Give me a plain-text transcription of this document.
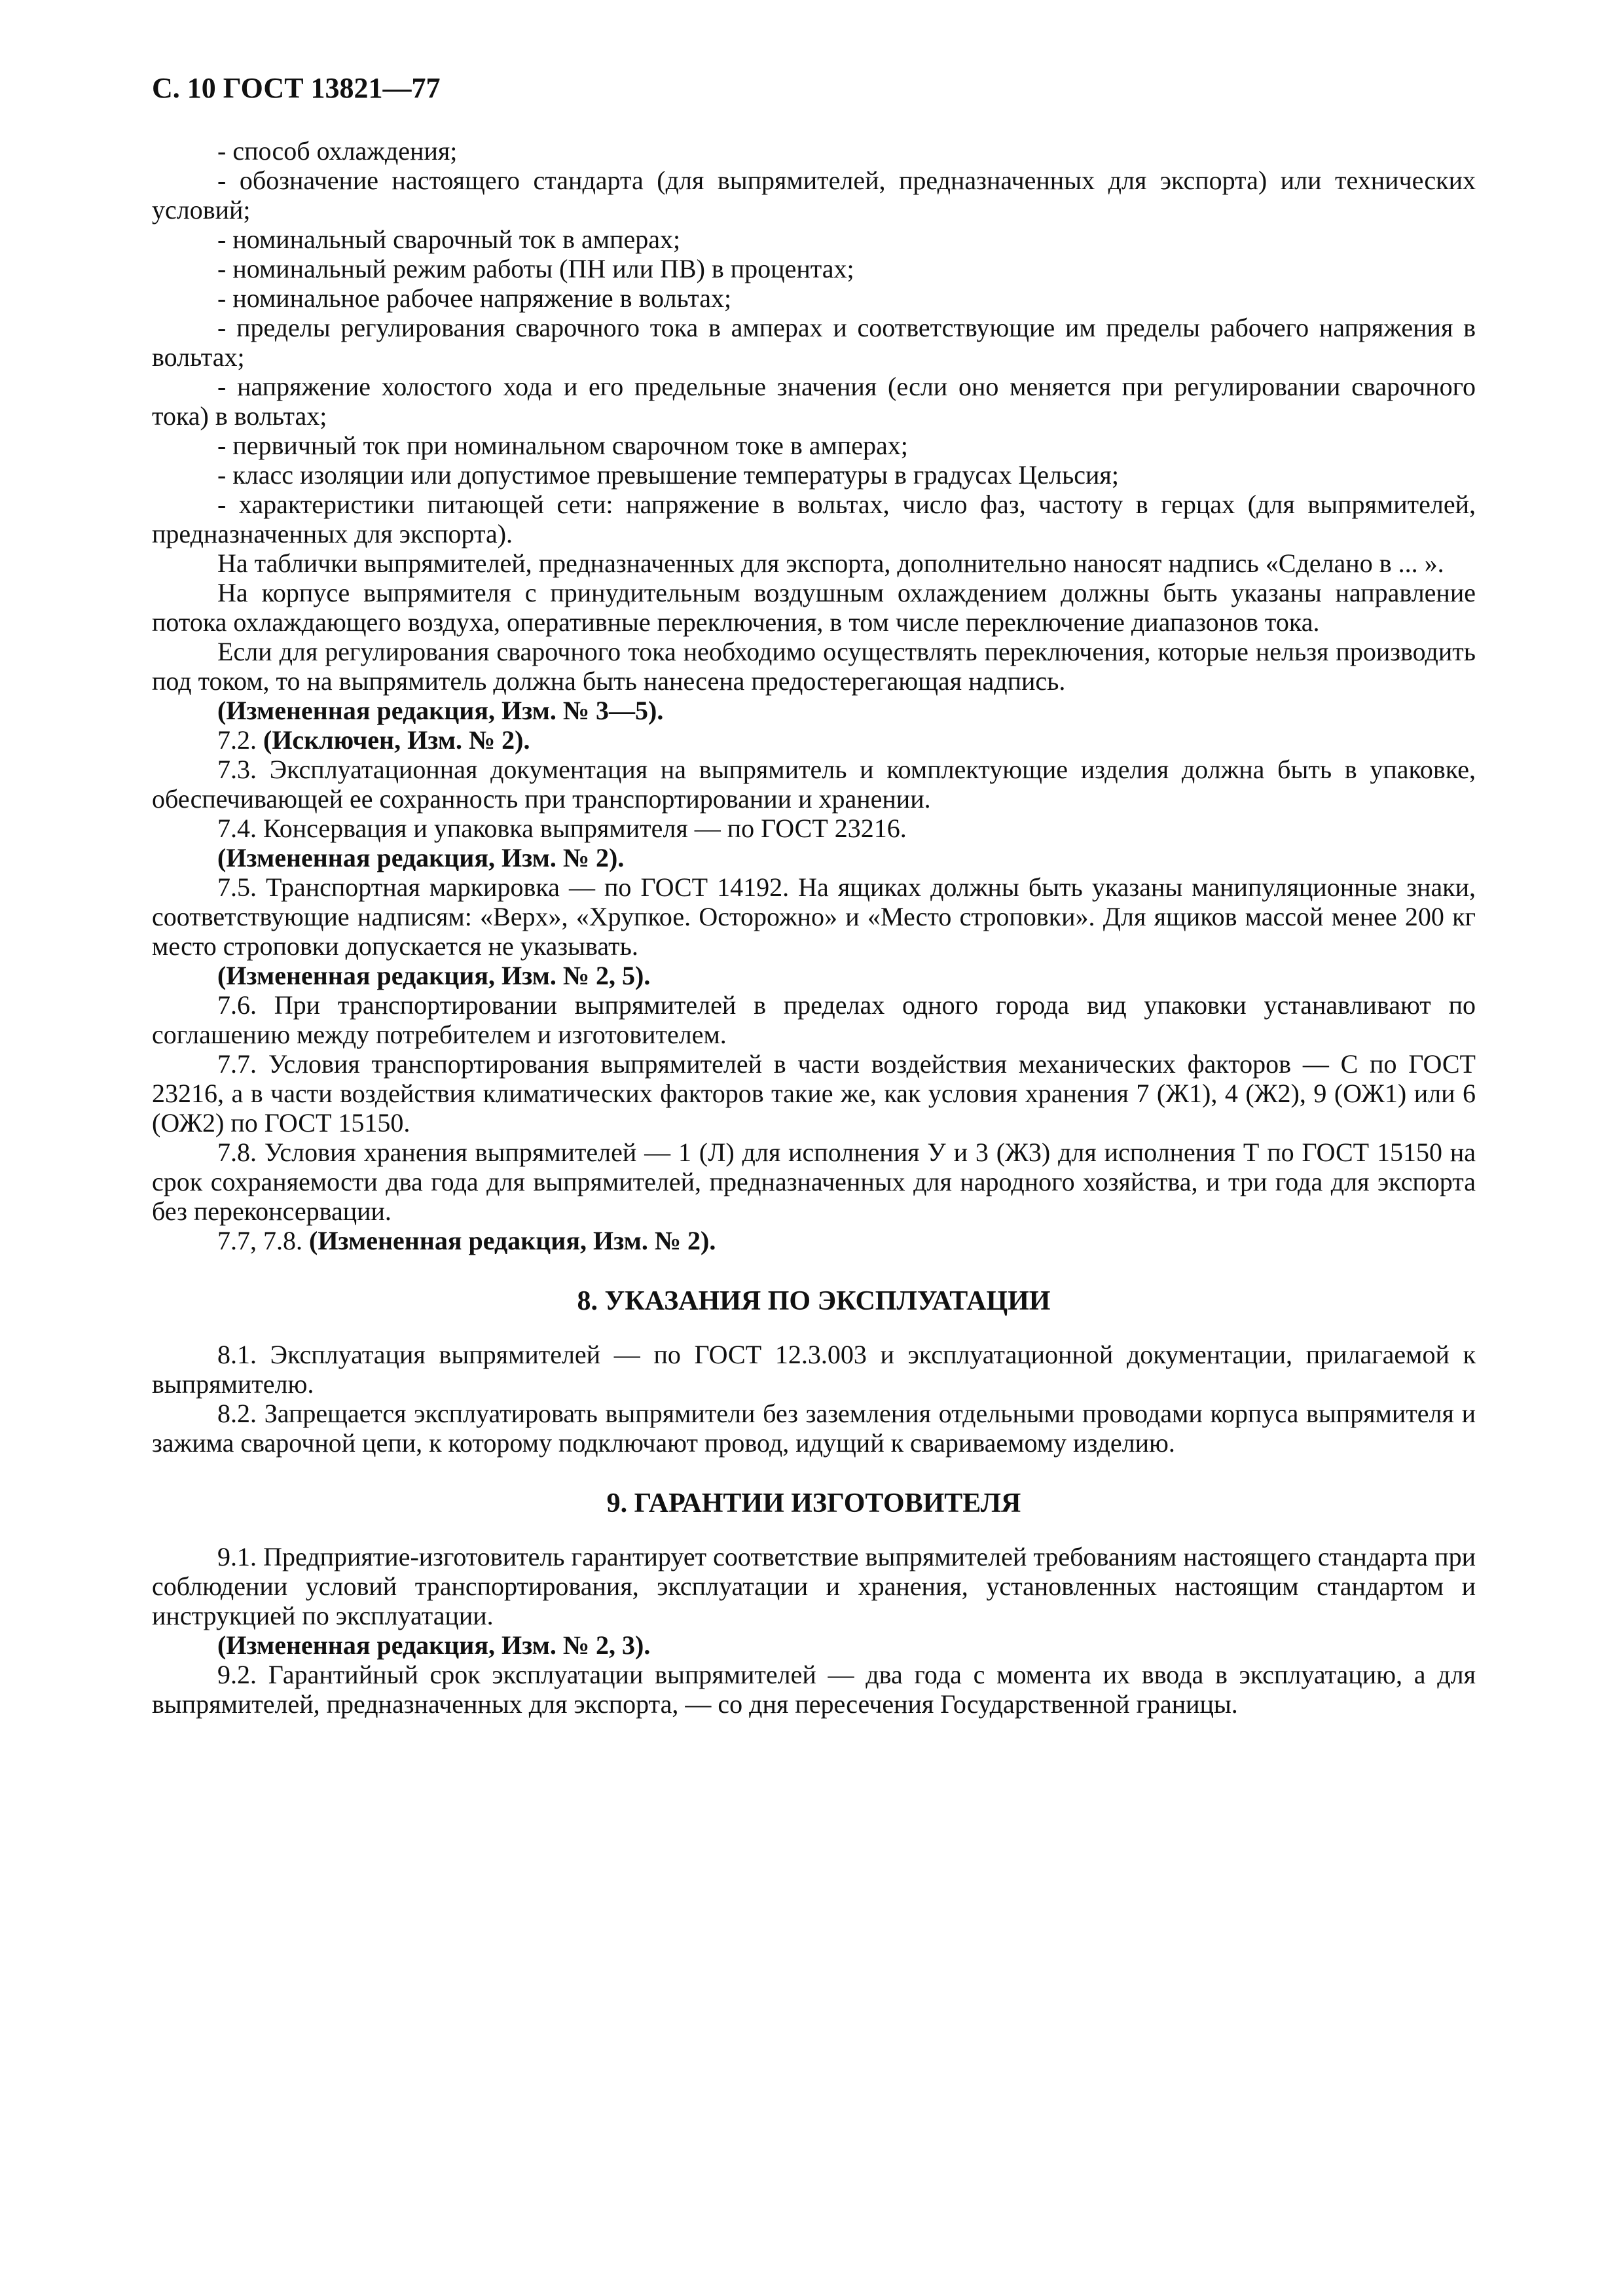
С. 10 ГОСТ 13821—77

- способ охлаждения;

- обозначение настоящего стандарта (для выпрямителей, предназначенных для экспорта) или технических условий;

- номинальный сварочный ток в амперах;

- номинальный режим работы (ПН или ПВ) в процентах;

- номинальное рабочее напряжение в вольтах;

- пределы регулирования сварочного тока в амперах и соответствующие им пределы рабочего напряжения в вольтах;

- напряжение холостого хода и его предельные значения (если оно меняется при регулировании сварочного тока) в вольтах;

- первичный ток при номинальном сварочном токе в амперах;

- класс изоляции или допустимое превышение температуры в градусах Цельсия;

- характеристики питающей сети: напряжение в вольтах, число фаз, частоту в герцах (для выпрямителей, предназначенных для экспорта).

На таблички выпрямителей, предназначенных для экспорта, дополнительно наносят надпись «Сделано в ... ».

На корпусе выпрямителя с принудительным воздушным охлаждением должны быть указаны направление потока охлаждающего воздуха, оперативные переключения, в том числе переключение диапазонов тока.

Если для регулирования сварочного тока необходимо осуществлять переключения, которые нельзя производить под током, то на выпрямитель должна быть нанесена предостерегающая надпись.

(Измененная редакция, Изм. № 3—5).

7.2. (Исключен, Изм. № 2).

7.3. Эксплуатационная документация на выпрямитель и комплектующие изделия должна быть в упаковке, обеспечивающей ее сохранность при транспортировании и хранении.

7.4. Консервация и упаковка выпрямителя — по ГОСТ 23216.

(Измененная редакция, Изм. № 2).

7.5. Транспортная маркировка — по ГОСТ 14192. На ящиках должны быть указаны манипуляционные знаки, соответствующие надписям: «Верх», «Хрупкое. Осторожно» и «Место строповки». Для ящиков массой менее 200 кг место строповки допускается не указывать.

(Измененная редакция, Изм. № 2, 5).

7.6. При транспортировании выпрямителей в пределах одного города вид упаковки устанавливают по соглашению между потребителем и изготовителем.

7.7. Условия транспортирования выпрямителей в части воздействия механических факторов — С по ГОСТ 23216, а в части воздействия климатических факторов такие же, как условия хранения 7 (Ж1), 4 (Ж2), 9 (ОЖ1) или 6 (ОЖ2) по ГОСТ 15150.

7.8. Условия хранения выпрямителей — 1 (Л) для исполнения У и 3 (Ж3) для исполнения Т по ГОСТ 15150 на срок сохраняемости два года для выпрямителей, предназначенных для народного хозяйства, и три года для экспорта без переконсервации.

7.7, 7.8. (Измененная редакция, Изм. № 2).

8. УКАЗАНИЯ ПО ЭКСПЛУАТАЦИИ

8.1. Эксплуатация выпрямителей — по ГОСТ 12.3.003 и эксплуатационной документации, прилагаемой к выпрямителю.

8.2. Запрещается эксплуатировать выпрямители без заземления отдельными проводами корпуса выпрямителя и зажима сварочной цепи, к которому подключают провод, идущий к свариваемому изделию.

9. ГАРАНТИИ ИЗГОТОВИТЕЛЯ

9.1. Предприятие-изготовитель гарантирует соответствие выпрямителей требованиям настоящего стандарта при соблюдении условий транспортирования, эксплуатации и хранения, установленных настоящим стандартом и инструкцией по эксплуатации.

(Измененная редакция, Изм. № 2, 3).

9.2. Гарантийный срок эксплуатации выпрямителей — два года с момента их ввода в эксплуатацию, а для выпрямителей, предназначенных для экспорта, — со дня пересечения Государственной границы.
